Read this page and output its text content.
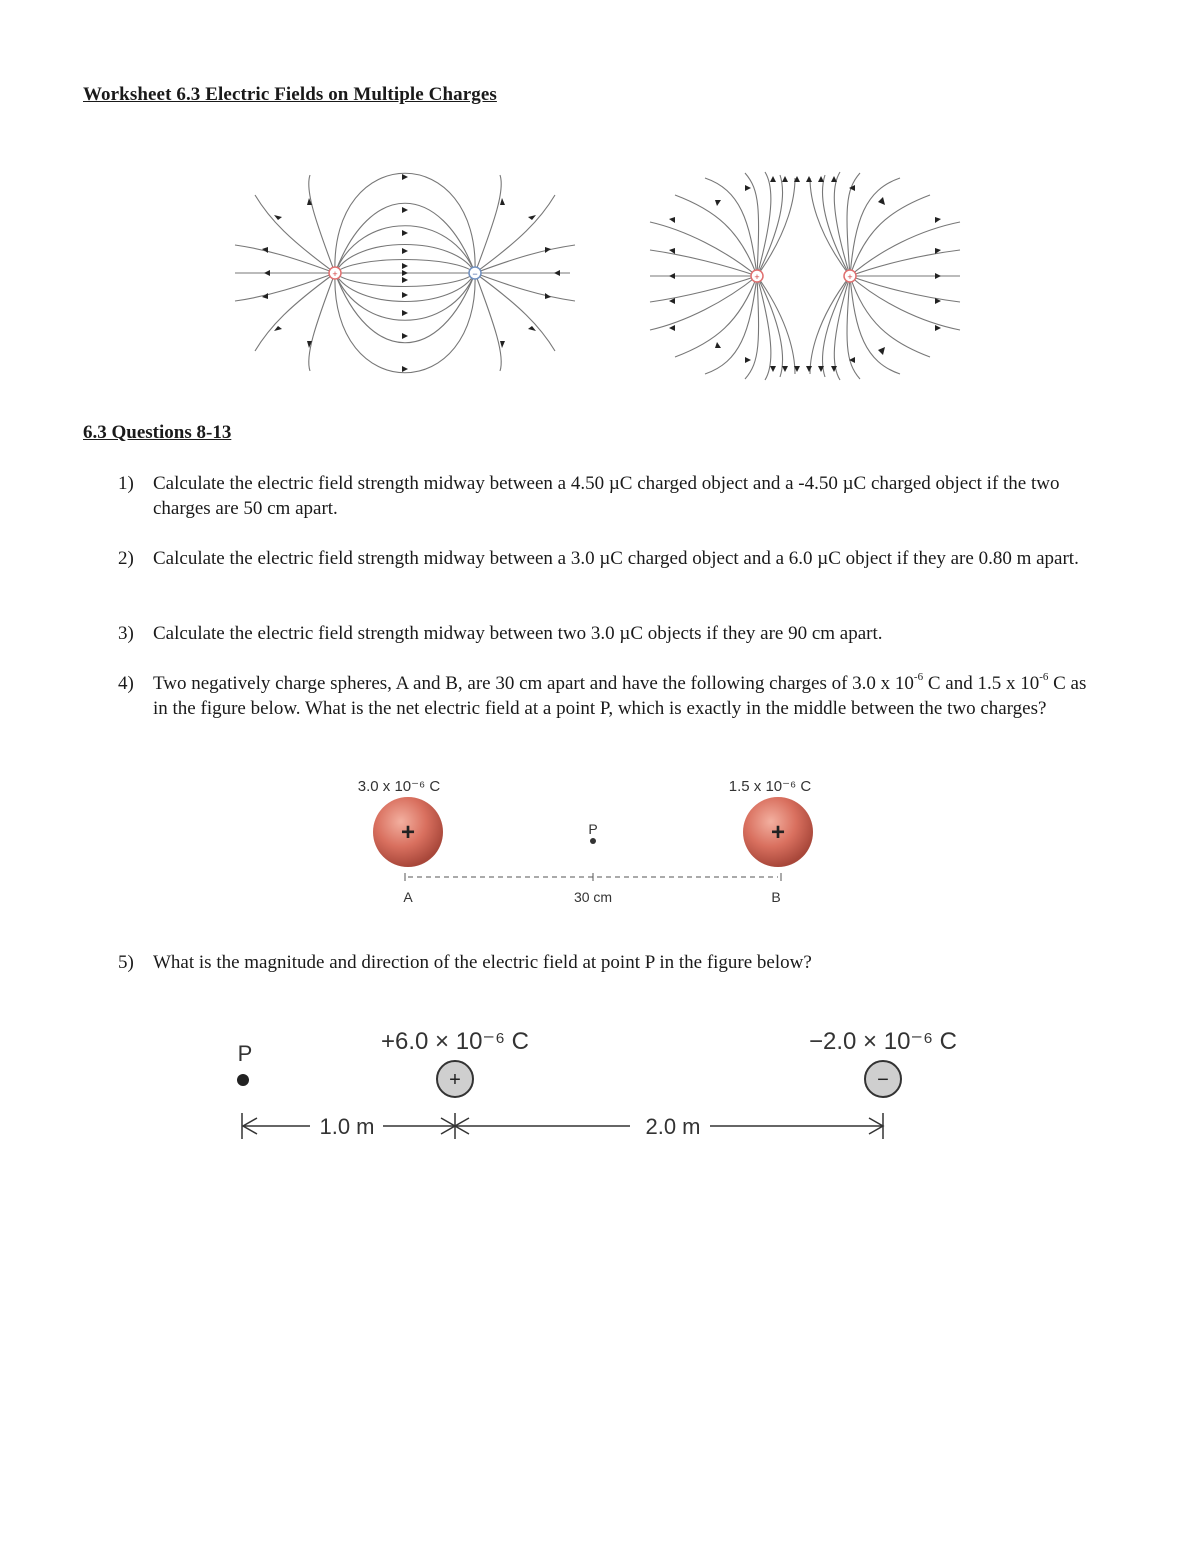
Worksheet 6.3 Electric Fields on Multiple Charges
+	−	+	+
6.3 Questions 8-13
1) Calculate the electric field strength midway between a 4.50 µC charged object and a -4.50 µC charged object if the two charges are 50 cm apart.
2) Calculate the electric field strength midway between a 3.0 µC charged object and a 6.0 µC object if they are 0.80 m apart.
3) Calculate the electric field strength midway between two 3.0 µC objects if they are 90 cm apart.
4) Two negatively charge spheres, A and B, are 30 cm apart and have the following charges of 3.0 x $10^{-6}$ C and 1.5 x $10^{-6}$ C as in the figure below. What is the net electric field at a point P, which is exactly in the middle between the two charges?
3.0 x 10⁻⁶ C	1.5 x 10⁻⁶ C
+	+
P
A	30 cm	B
5) What is the magnitude and direction of the electric field at point P in the figure below?
P	+6.0 × 10⁻⁶ C	−2.0 × 10⁻⁶ C
+	−
1.0 m	2.0 m
